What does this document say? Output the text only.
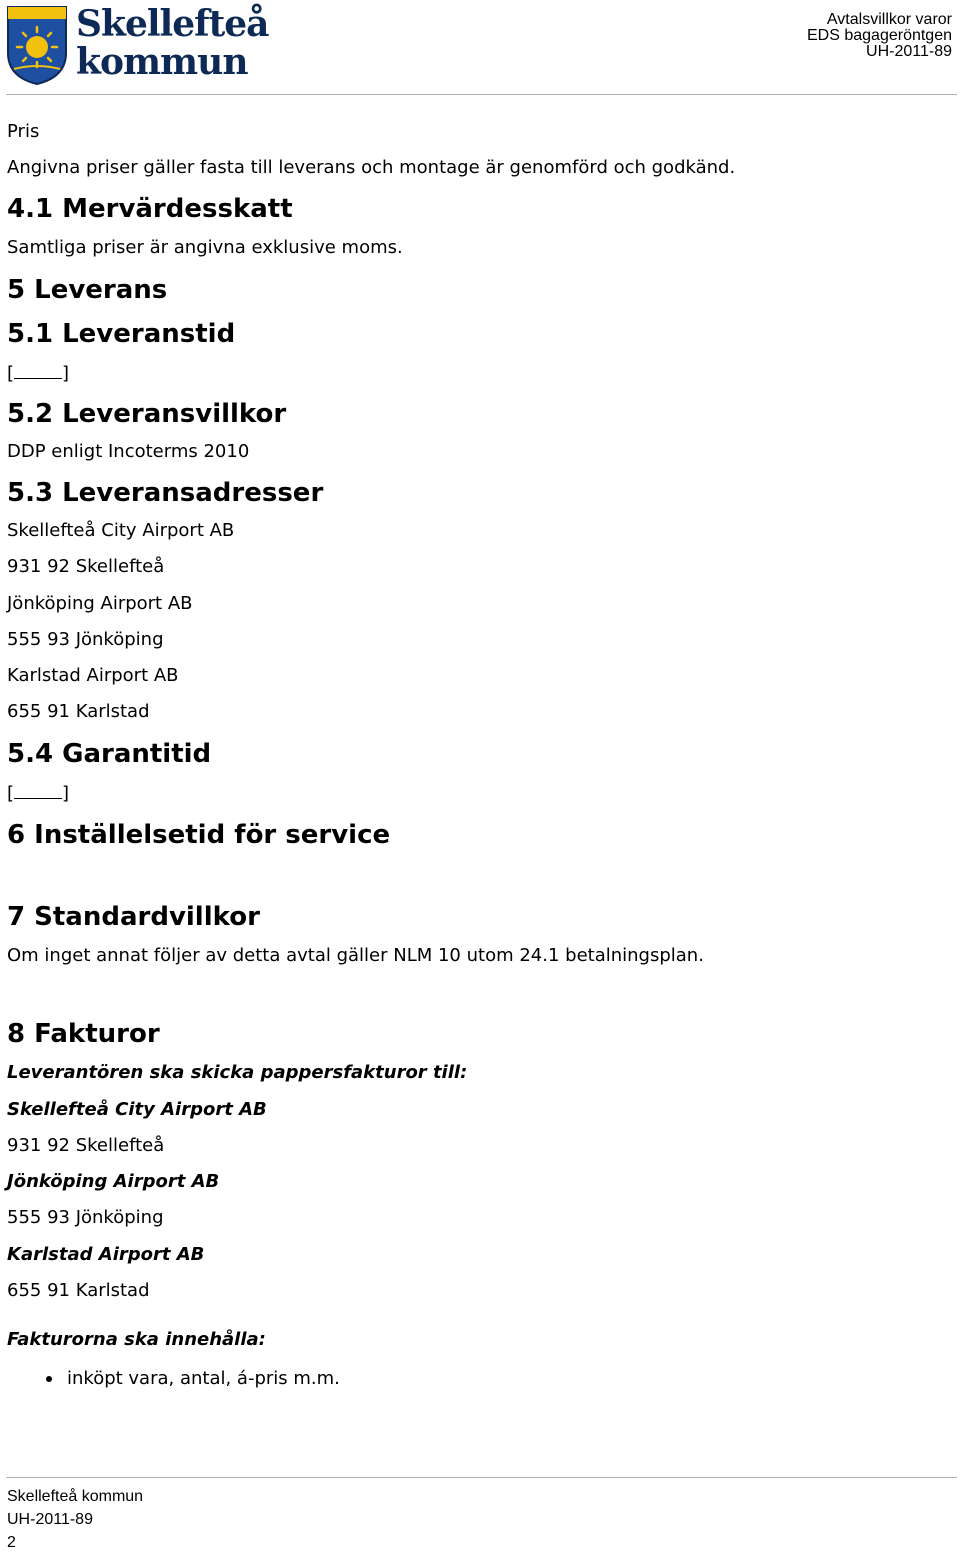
Skellefteå
kommun
Avtalsvillkor varor
EDS bagageröntgen
UH-2011-89
Pris
Angivna priser gäller fasta till leverans och montage är genomförd och godkänd.
4.1 Mervärdesskatt
Samtliga priser är angivna exklusive moms.
5 Leverans
5.1 Leveranstid
[	]
5.2 Leveransvillkor
DDP enligt Incoterms 2010
5.3 Leveransadresser
Skellefteå City Airport AB
931 92 Skellefteå
Jönköping Airport AB
555 93 Jönköping
Karlstad Airport AB
655 91 Karlstad
5.4 Garantitid
[	]
6 Inställelsetid för service
7 Standardvillkor
Om inget annat följer av detta avtal gäller NLM 10 utom 24.1 betalningsplan.
8 Fakturor
Leverantören ska skicka pappersfakturor till:
Skellefteå City Airport AB
931 92 Skellefteå
Jönköping Airport AB
555 93 Jönköping
Karlstad Airport AB
655 91 Karlstad
Fakturorna ska innehålla:
inköpt vara, antal, á-pris m.m.
Skellefteå kommun
UH-2011-89
2
